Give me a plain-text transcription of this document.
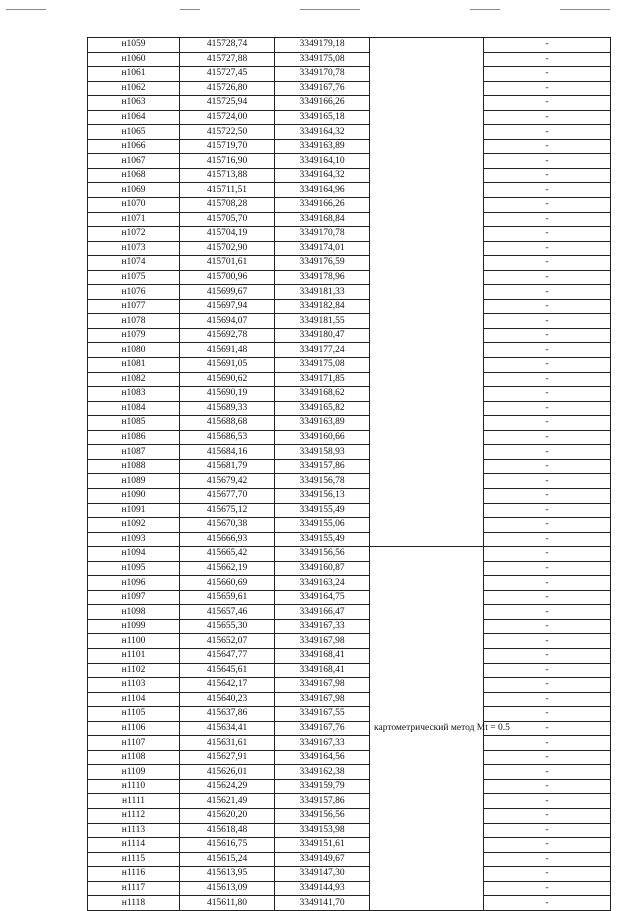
н1059	415728,74	3349179,18		-
н1060	415727,88	3349175,08		-
н1061	415727,45	3349170,78		-
н1062	415726,80	3349167,76		-
н1063	415725,94	3349166,26		-
н1064	415724,00	3349165,18		-
н1065	415722,50	3349164,32		-
н1066	415719,70	3349163,89		-
н1067	415716,90	3349164,10		-
н1068	415713,88	3349164,32		-
н1069	415711,51	3349164,96		-
н1070	415708,28	3349166,26		-
н1071	415705,70	3349168,84		-
н1072	415704,19	3349170,78		-
н1073	415702,90	3349174,01		-
н1074	415701,61	3349176,59		-
н1075	415700,96	3349178,96		-
н1076	415699,67	3349181,33		-
н1077	415697,94	3349182,84		-
н1078	415694,07	3349181,55		-
н1079	415692,78	3349180,47		-
н1080	415691,48	3349177,24		-
н1081	415691,05	3349175,08		-
н1082	415690,62	3349171,85		-
н1083	415690,19	3349168,62		-
н1084	415689,33	3349165,82		-
н1085	415688,68	3349163,89		-
н1086	415686,53	3349160,66		-
н1087	415684,16	3349158,93		-
н1088	415681,79	3349157,86		-
н1089	415679,42	3349156,78		-
н1090	415677,70	3349156,13		-
н1091	415675,12	3349155,49		-
н1092	415670,38	3349155,06		-
н1093	415666,93	3349155,49		-
н1094	415665,42	3349156,56	картометрический метод Mt = 0.5	-
н1095	415662,19	3349160,87		-
н1096	415660,69	3349163,24		-
н1097	415659,61	3349164,75		-
н1098	415657,46	3349166,47		-
н1099	415655,30	3349167,33		-
н1100	415652,07	3349167,98		-
н1101	415647,77	3349168,41		-
н1102	415645,61	3349168,41		-
н1103	415642,17	3349167,98		-
н1104	415640,23	3349167,98		-
н1105	415637,86	3349167,55		-
н1106	415634,41	3349167,76		-
н1107	415631,61	3349167,33		-
н1108	415627,91	3349164,56		-
н1109	415626,01	3349162,38		-
н1110	415624,29	3349159,79		-
н1111	415621,49	3349157,86		-
н1112	415620,20	3349156,56		-
н1113	415618,48	3349153,98		-
н1114	415616,75	3349151,61		-
н1115	415615,24	3349149,67		-
н1116	415613,95	3349147,30		-
н1117	415613,09	3349144,93		-
н1118	415611,80	3349141,70		-
